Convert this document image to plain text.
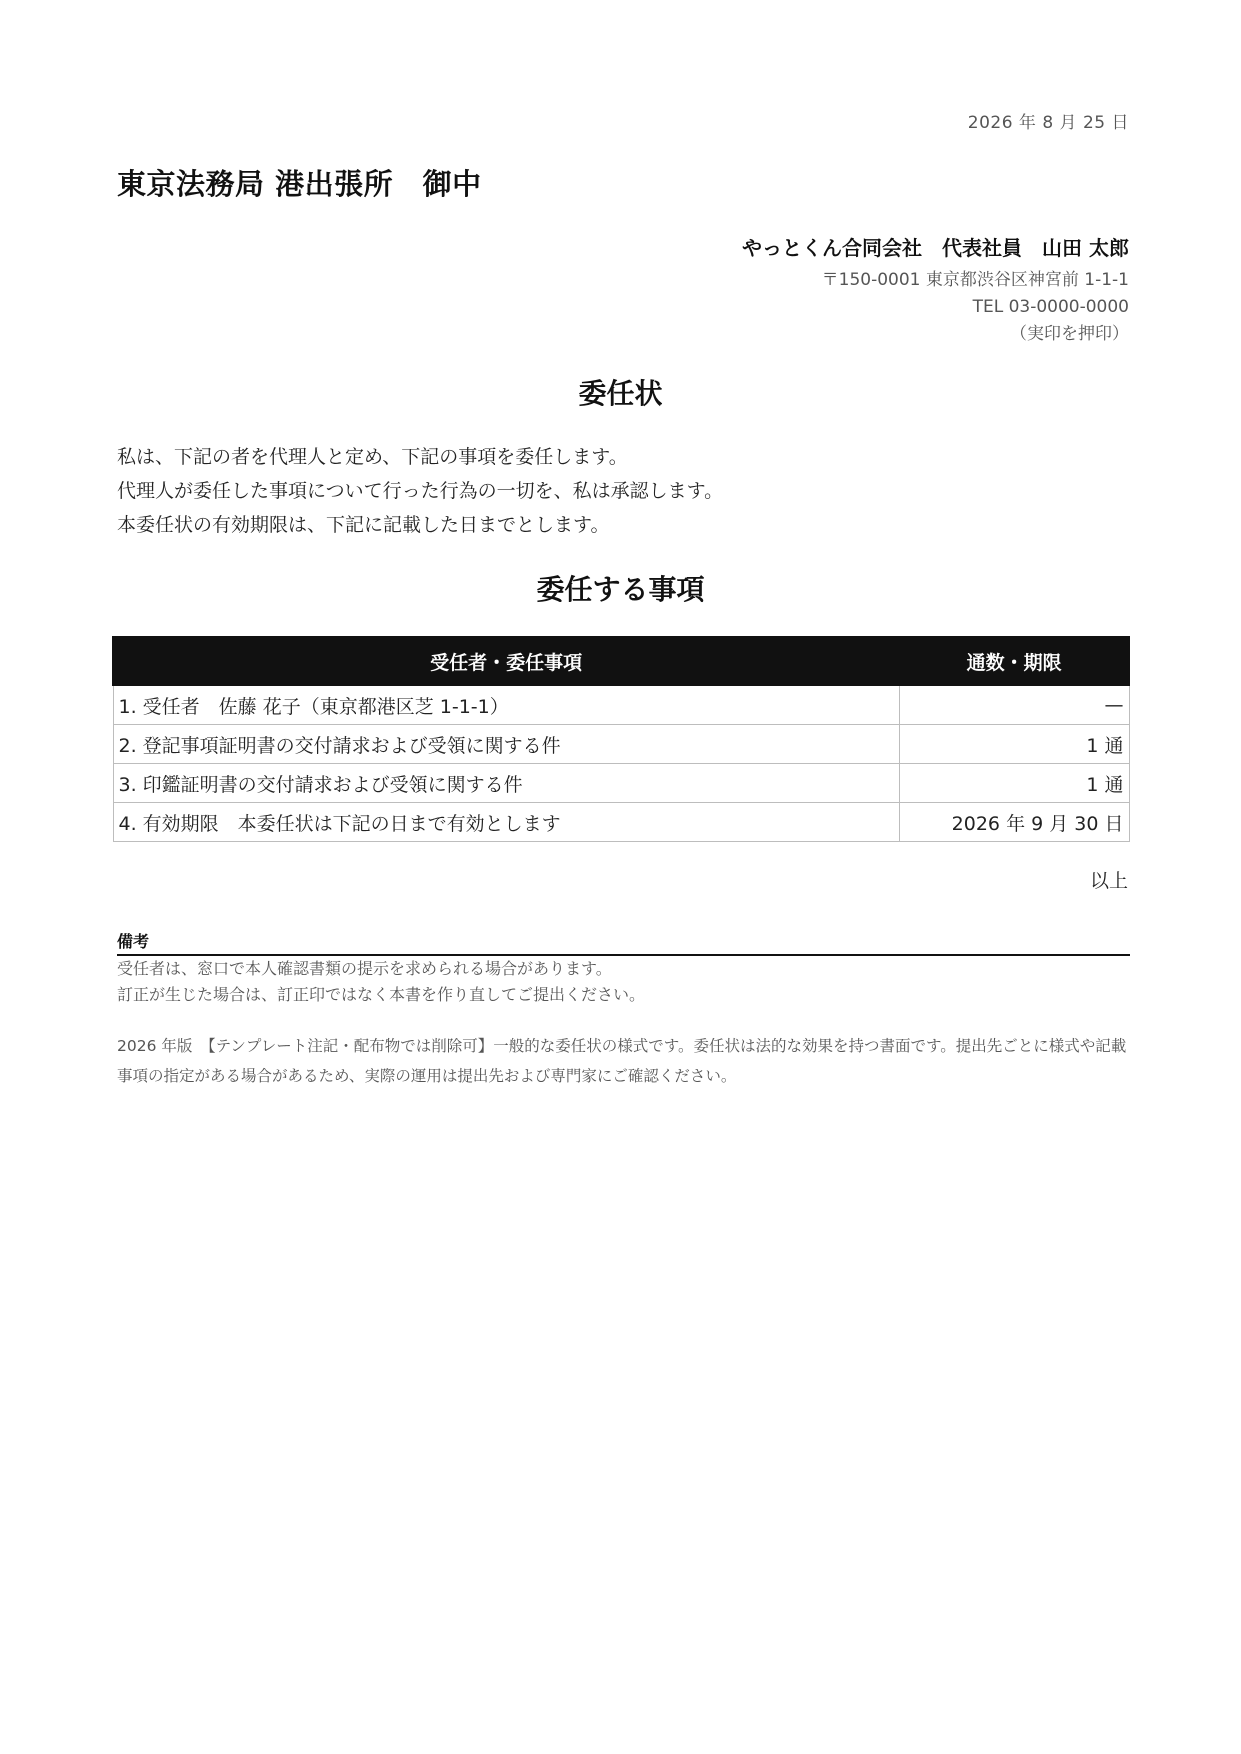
2026 年 8 月 25 日
東京法務局 港出張所　御中
やっとくん合同会社　代表社員　山田 太郎
〒150-0001 東京都渋谷区神宮前 1-1-1
TEL 03-0000-0000
（実印を押印）
委任状
私は、下記の者を代理人と定め、下記の事項を委任します。
代理人が委任した事項について行った行為の一切を、私は承認します。
本委任状の有効期限は、下記に記載した日までとします。
委任する事項
受任者・委任事項	通数・期限
1. 受任者　佐藤 花子（東京都港区芝 1-1-1）	—
2. 登記事項証明書の交付請求および受領に関する件	1 通
3. 印鑑証明書の交付請求および受領に関する件	1 通
4. 有効期限　本委任状は下記の日まで有効とします	2026 年 9 月 30 日
以上
備考
受任者は、窓口で本人確認書類の提示を求められる場合があります。
訂正が生じた場合は、訂正印ではなく本書を作り直してご提出ください。
2026 年版　【テンプレート注記・配布物では削除可】一般的な委任状の様式です。委任状は法的な効果を持つ書面です。提出先ごとに様式や記載事項の指定がある場合があるため、実際の運用は提出先および専門家にご確認ください。
